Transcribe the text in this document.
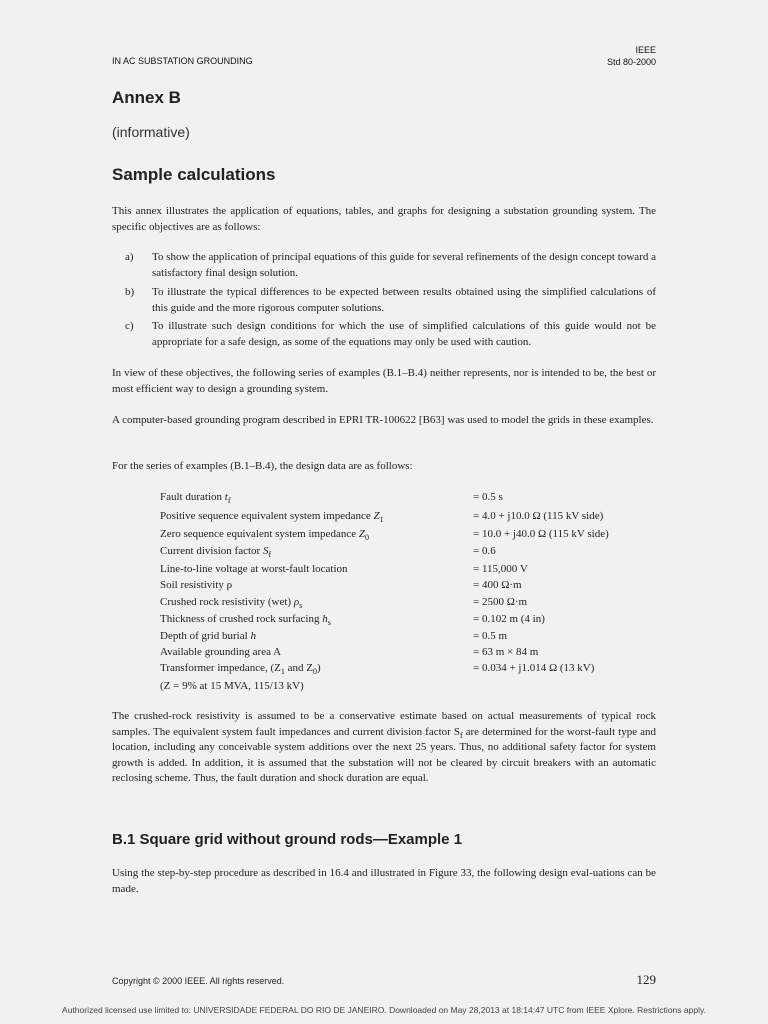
IN AC SUBSTATION GROUNDING
IEEE
Std 80-2000
Annex B
(informative)
Sample calculations
This annex illustrates the application of equations, tables, and graphs for designing a substation grounding system. The specific objectives are as follows:
a) To show the application of principal equations of this guide for several refinements of the design concept toward a satisfactory final design solution.
b) To illustrate the typical differences to be expected between results obtained using the simplified calculations of this guide and the more rigorous computer solutions.
c) To illustrate such design conditions for which the use of simplified calculations of this guide would not be appropriate for a safe design, as some of the equations may only be used with caution.
In view of these objectives, the following series of examples (B.1–B.4) neither represents, nor is intended to be, the best or most efficient way to design a grounding system.
A computer-based grounding program described in EPRI TR-100622 [B63] was used to model the grids in these examples.
For the series of examples (B.1–B.4), the design data are as follows:
Fault duration $t_f$	= 0.5 s
Positive sequence equivalent system impedance $Z_1$	= 4.0 + j10.0 Ω (115 kV side)
Zero sequence equivalent system impedance $Z_0$	= 10.0 + j40.0 Ω (115 kV side)
Current division factor $S_f$	= 0.6
Line-to-line voltage at worst-fault location	= 115,000 V
Soil resistivity ρ	= 400 Ω·m
Crushed rock resistivity (wet) $\rho_s$	= 2500 Ω·m
Thickness of crushed rock surfacing $h_s$	= 0.102 m (4 in)
Depth of grid burial h	= 0.5 m
Available grounding area A	= 63 m × 84 m
Transformer impedance, ($Z_1$ and $Z_0$)	= 0.034 + j1.014 Ω (13 kV)
(Z = 9% at 15 MVA, 115/13 kV)
The crushed-rock resistivity is assumed to be a conservative estimate based on actual measurements of typical rock samples. The equivalent system fault impedances and current division factor $S_f$ are determined for the worst-fault type and location, including any conceivable system additions over the next 25 years. Thus, no additional safety factor for system growth is added. In addition, it is assumed that the substation will not be cleared by circuit breakers with an automatic reclosing scheme. Thus, the fault duration and shock duration are equal.
B.1 Square grid without ground rods—Example 1
Using the step-by-step procedure as described in 16.4 and illustrated in Figure 33, the following design eval-uations can be made.
Copyright © 2000 IEEE. All rights reserved.	129
Authorized licensed use limited to: UNIVERSIDADE FEDERAL DO RIO DE JANEIRO. Downloaded on May 28,2013 at 18:14:47 UTC from IEEE Xplore. Restrictions apply.
